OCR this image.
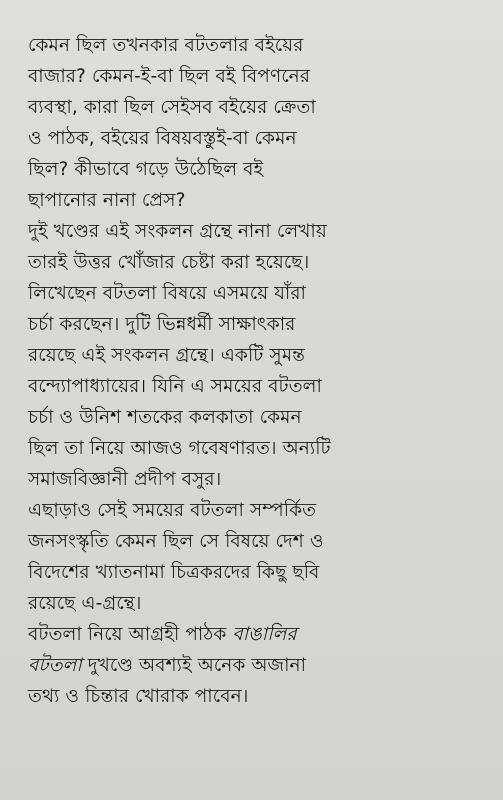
কেমন ছিল তখনকার বটতলার বইয়ের
বাজার? কেমন-ই-বা ছিল বই বিপণনের
ব্যবস্থা, কারা ছিল সেইসব বইয়ের ক্রেতা
ও পাঠক, বইয়ের বিষয়বস্তুই-বা কেমন
ছিল? কীভাবে গড়ে উঠেছিল বই
ছাপানোর নানা প্রেস?
দুই খণ্ডের এই সংকলন গ্রন্থে নানা লেখায়
তারই উত্তর খোঁজার চেষ্টা করা হয়েছে।
লিখেছেন বটতলা বিষয়ে এসময়ে যাঁরা
চর্চা করছেন। দুটি ভিন্নধর্মী সাক্ষাৎকার
রয়েছে এই সংকলন গ্রন্থে। একটি সুমন্ত
বন্দ্যোপাধ্যায়ের। যিনি এ সময়ের বটতলা
চর্চা ও উনিশ শতকের কলকাতা কেমন
ছিল তা নিয়ে আজও গবেষণারত। অন্যটি
সমাজবিজ্ঞানী প্রদীপ বসুর।
এছাড়াও সেই সময়ের বটতলা সম্পর্কিত
জনসংস্কৃতি কেমন ছিল সে বিষয়ে দেশ ও
বিদেশের খ্যাতনামা চিত্রকরদের কিছু ছবি
রয়েছে এ-গ্রন্থে।
বটতলা নিয়ে আগ্রহী পাঠক বাঙালির
বটতলা দুখণ্ডে অবশ্যই অনেক অজানা
তথ্য ও চিন্তার খোরাক পাবেন।
